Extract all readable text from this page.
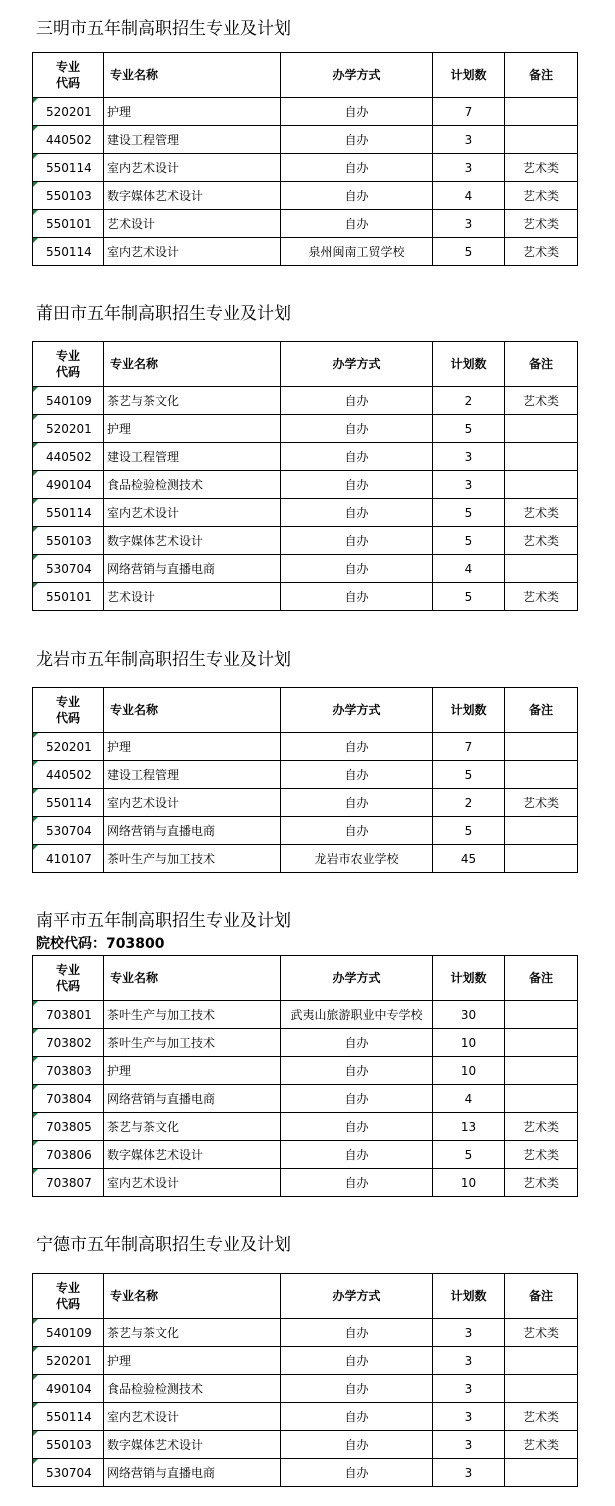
三明市五年制高职招生专业及计划
专业
代码	专业名称	办学方式	计划数	备注
520201	护理	自办	7	
440502	建设工程管理	自办	3	
550114	室内艺术设计	自办	3	艺术类
550103	数字媒体艺术设计	自办	4	艺术类
550101	艺术设计	自办	3	艺术类
550114	室内艺术设计	泉州闽南工贸学校	5	艺术类
莆田市五年制高职招生专业及计划
专业
代码	专业名称	办学方式	计划数	备注
540109	茶艺与茶文化	自办	2	艺术类
520201	护理	自办	5	
440502	建设工程管理	自办	3	
490104	食品检验检测技术	自办	3	
550114	室内艺术设计	自办	5	艺术类
550103	数字媒体艺术设计	自办	5	艺术类
530704	网络营销与直播电商	自办	4	
550101	艺术设计	自办	5	艺术类
龙岩市五年制高职招生专业及计划
专业
代码	专业名称	办学方式	计划数	备注
520201	护理	自办	7	
440502	建设工程管理	自办	5	
550114	室内艺术设计	自办	2	艺术类
530704	网络营销与直播电商	自办	5	
410107	茶叶生产与加工技术	龙岩市农业学校	45	
南平市五年制高职招生专业及计划
院校代码：703800
专业
代码	专业名称	办学方式	计划数	备注
703801	茶叶生产与加工技术	武夷山旅游职业中专学校	30	
703802	茶叶生产与加工技术	自办	10	
703803	护理	自办	10	
703804	网络营销与直播电商	自办	4	
703805	茶艺与茶文化	自办	13	艺术类
703806	数字媒体艺术设计	自办	5	艺术类
703807	室内艺术设计	自办	10	艺术类
宁德市五年制高职招生专业及计划
专业
代码	专业名称	办学方式	计划数	备注
540109	茶艺与茶文化	自办	3	艺术类
520201	护理	自办	3	
490104	食品检验检测技术	自办	3	
550114	室内艺术设计	自办	3	艺术类
550103	数字媒体艺术设计	自办	3	艺术类
530704	网络营销与直播电商	自办	3	
